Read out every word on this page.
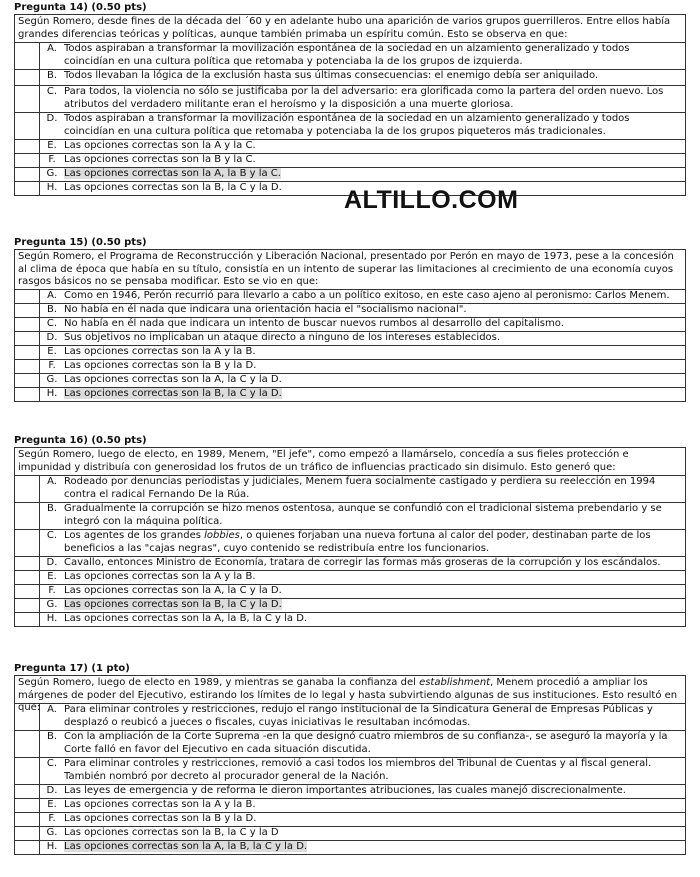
Pregunta 14) (0.50 pts)
Según Romero, desde fines de la década del ´60 y en adelante hubo una aparición de varios grupos guerrilleros. Entre ellos había grandes diferencias teóricas y políticas, aunque también primaba un espíritu común. Esto se observa en que:
A. Todos aspiraban a transformar la movilización espontánea de la sociedad en un alzamiento generalizado y todos coincidían en una cultura política que retomaba y potenciaba la de los grupos de izquierda.
B. Todos llevaban la lógica de la exclusión hasta sus últimas consecuencias: el enemigo debía ser aniquilado.
C. Para todos, la violencia no sólo se justificaba por la del adversario: era glorificada como la partera del orden nuevo. Los atributos del verdadero militante eran el heroísmo y la disposición a una muerte gloriosa.
D. Todos aspiraban a transformar la movilización espontánea de la sociedad en un alzamiento generalizado y todos coincidían en una cultura política que retomaba y potenciaba la de los grupos piqueteros más tradicionales.
E. Las opciones correctas son la A y la C.
F. Las opciones correctas son la B y la C.
G. Las opciones correctas son la A, la B y la C.
H. Las opciones correctas son la B, la C y la D.	ALTILLO.COM
Pregunta 15) (0.50 pts)
Según Romero, el Programa de Reconstrucción y Liberación Nacional, presentado por Perón en mayo de 1973, pese a la concesión al clima de época que había en su título, consistía en un intento de superar las limitaciones al crecimiento de una economía cuyos rasgos básicos no se pensaba modificar. Esto se vio en que:
A. Como en 1946, Perón recurrió para llevarlo a cabo a un político exitoso, en este caso ajeno al peronismo: Carlos Menem.
B. No había en él nada que indicara una orientación hacia el "socialismo nacional".
C. No había en él nada que indicara un intento de buscar nuevos rumbos al desarrollo del capitalismo.
D. Sus objetivos no implicaban un ataque directo a ninguno de los intereses establecidos.
E. Las opciones correctas son la A y la B.
F. Las opciones correctas son la B y la D.
G. Las opciones correctas son la A, la C y la D.
H. Las opciones correctas son la B, la C y la D.
Pregunta 16) (0.50 pts)
Según Romero, luego de electo, en 1989, Menem, "El jefe", como empezó a llamárselo, concedía a sus fieles protección e impunidad y distribuía con generosidad los frutos de un tráfico de influencias practicado sin disimulo. Esto generó que:
A. Rodeado por denuncias periodistas y judiciales, Menem fuera socialmente castigado y perdiera su reelección en 1994 contra el radical Fernando De la Rúa.
B. Gradualmente la corrupción se hizo menos ostentosa, aunque se confundió con el tradicional sistema prebendario y se integró con la máquina política.
C. Los agentes de los grandes lobbies, o quienes forjaban una nueva fortuna al calor del poder, destinaban parte de los beneficios a las "cajas negras", cuyo contenido se redistribuía entre los funcionarios.
D. Cavallo, entonces Ministro de Economía, tratara de corregir las formas más groseras de la corrupción y los escándalos.
E. Las opciones correctas son la A y la B.
F. Las opciones correctas son la A, la C y la D.
G. Las opciones correctas son la B, la C y la D.
H. Las opciones correctas son la A, la B, la C y la D.
Pregunta 17) (1 pto)
Según Romero, luego de electo en 1989, y mientras se ganaba la confianza del establishment, Menem procedió a ampliar los márgenes de poder del Ejecutivo, estirando los límites de lo legal y hasta subvirtiendo algunas de sus instituciones. Esto resultó en que: A. Para eliminar controles y restricciones, redujo el rango institucional de la Sindicatura General de Empresas Públicas y desplazó o reubicó a jueces o fiscales, cuyas iniciativas le resultaban incómodas.
B. Con la ampliación de la Corte Suprema -en la que designó cuatro miembros de su confianza-, se aseguró la mayoría y la Corte falló en favor del Ejecutivo en cada situación discutida.
C. Para eliminar controles y restricciones, removió a casi todos los miembros del Tribunal de Cuentas y al fiscal general. También nombró por decreto al procurador general de la Nación.
D. Las leyes de emergencia y de reforma le dieron importantes atribuciones, las cuales manejó discrecionalmente.
E. Las opciones correctas son la A y la B.
F. Las opciones correctas son la B y la D.
G. Las opciones correctas son la B, la C y la D
H. Las opciones correctas son la A, la B, la C y la D.
